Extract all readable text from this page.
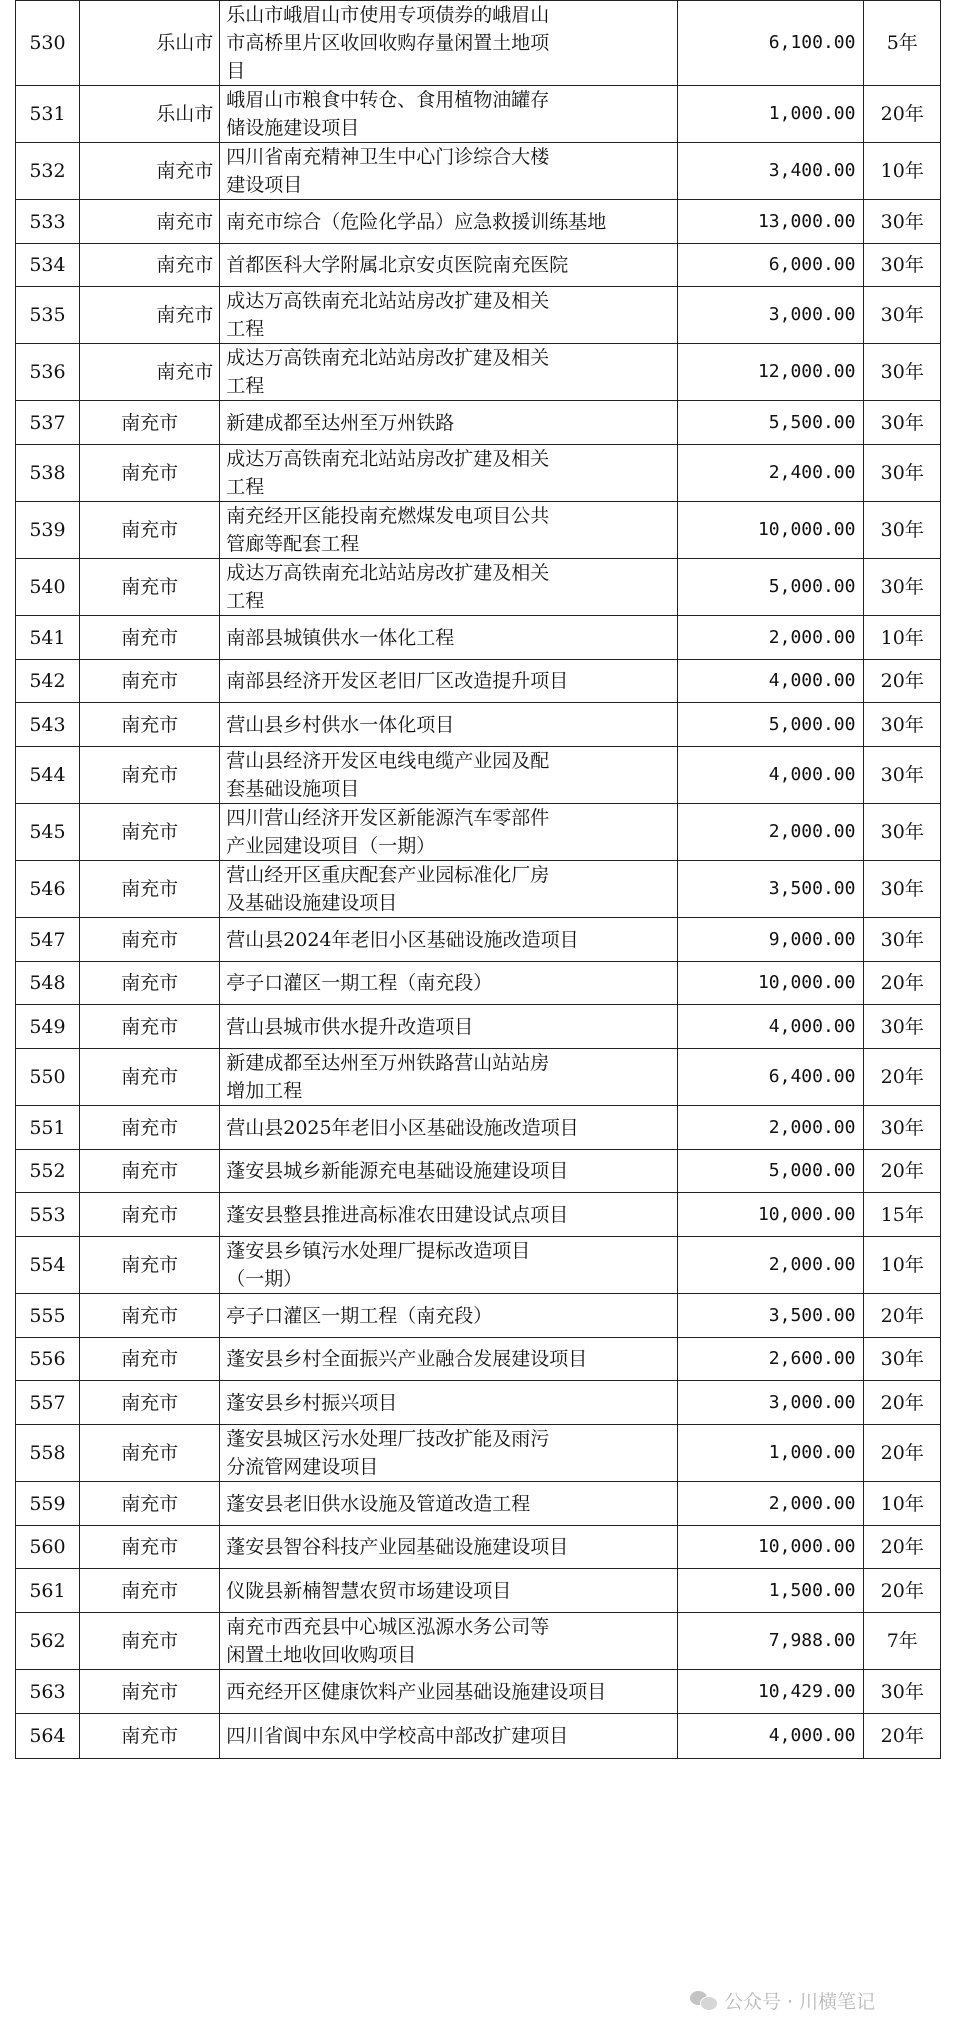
530	乐山市	乐山市峨眉山市使用专项债券的峨眉山
市高桥里片区收回收购存量闲置土地项
目	6,100.00	5年
531	乐山市	峨眉山市粮食中转仓、食用植物油罐存
储设施建设项目	1,000.00	20年
532	南充市	四川省南充精神卫生中心门诊综合大楼
建设项目	3,400.00	10年
533	南充市	南充市综合（危险化学品）应急救援训练基地	13,000.00	30年
534	南充市	首都医科大学附属北京安贞医院南充医院	6,000.00	30年
535	南充市	成达万高铁南充北站站房改扩建及相关
工程	3,000.00	30年
536	南充市	成达万高铁南充北站站房改扩建及相关
工程	12,000.00	30年
537	南充市	新建成都至达州至万州铁路	5,500.00	30年
538	南充市	成达万高铁南充北站站房改扩建及相关
工程	2,400.00	30年
539	南充市	南充经开区能投南充燃煤发电项目公共
管廊等配套工程	10,000.00	30年
540	南充市	成达万高铁南充北站站房改扩建及相关
工程	5,000.00	30年
541	南充市	南部县城镇供水一体化工程	2,000.00	10年
542	南充市	南部县经济开发区老旧厂区改造提升项目	4,000.00	20年
543	南充市	营山县乡村供水一体化项目	5,000.00	30年
544	南充市	营山县经济开发区电线电缆产业园及配
套基础设施项目	4,000.00	30年
545	南充市	四川营山经济开发区新能源汽车零部件
产业园建设项目（一期）	2,000.00	30年
546	南充市	营山经开区重庆配套产业园标准化厂房
及基础设施建设项目	3,500.00	30年
547	南充市	营山县2024年老旧小区基础设施改造项目	9,000.00	30年
548	南充市	亭子口灌区一期工程（南充段）	10,000.00	20年
549	南充市	营山县城市供水提升改造项目	4,000.00	30年
550	南充市	新建成都至达州至万州铁路营山站站房
增加工程	6,400.00	20年
551	南充市	营山县2025年老旧小区基础设施改造项目	2,000.00	30年
552	南充市	蓬安县城乡新能源充电基础设施建设项目	5,000.00	20年
553	南充市	蓬安县整县推进高标准农田建设试点项目	10,000.00	15年
554	南充市	蓬安县乡镇污水处理厂提标改造项目
（一期）	2,000.00	10年
555	南充市	亭子口灌区一期工程（南充段）	3,500.00	20年
556	南充市	蓬安县乡村全面振兴产业融合发展建设项目	2,600.00	30年
557	南充市	蓬安县乡村振兴项目	3,000.00	20年
558	南充市	蓬安县城区污水处理厂技改扩能及雨污
分流管网建设项目	1,000.00	20年
559	南充市	蓬安县老旧供水设施及管道改造工程	2,000.00	10年
560	南充市	蓬安县智谷科技产业园基础设施建设项目	10,000.00	20年
561	南充市	仪陇县新楠智慧农贸市场建设项目	1,500.00	20年
562	南充市	南充市西充县中心城区泓源水务公司等
闲置土地收回收购项目	7,988.00	7年
563	南充市	西充经开区健康饮料产业园基础设施建设项目	10,429.00	30年
564	南充市	四川省阆中东风中学校高中部改扩建项目	4,000.00	20年
公众号 · 川横笔记
